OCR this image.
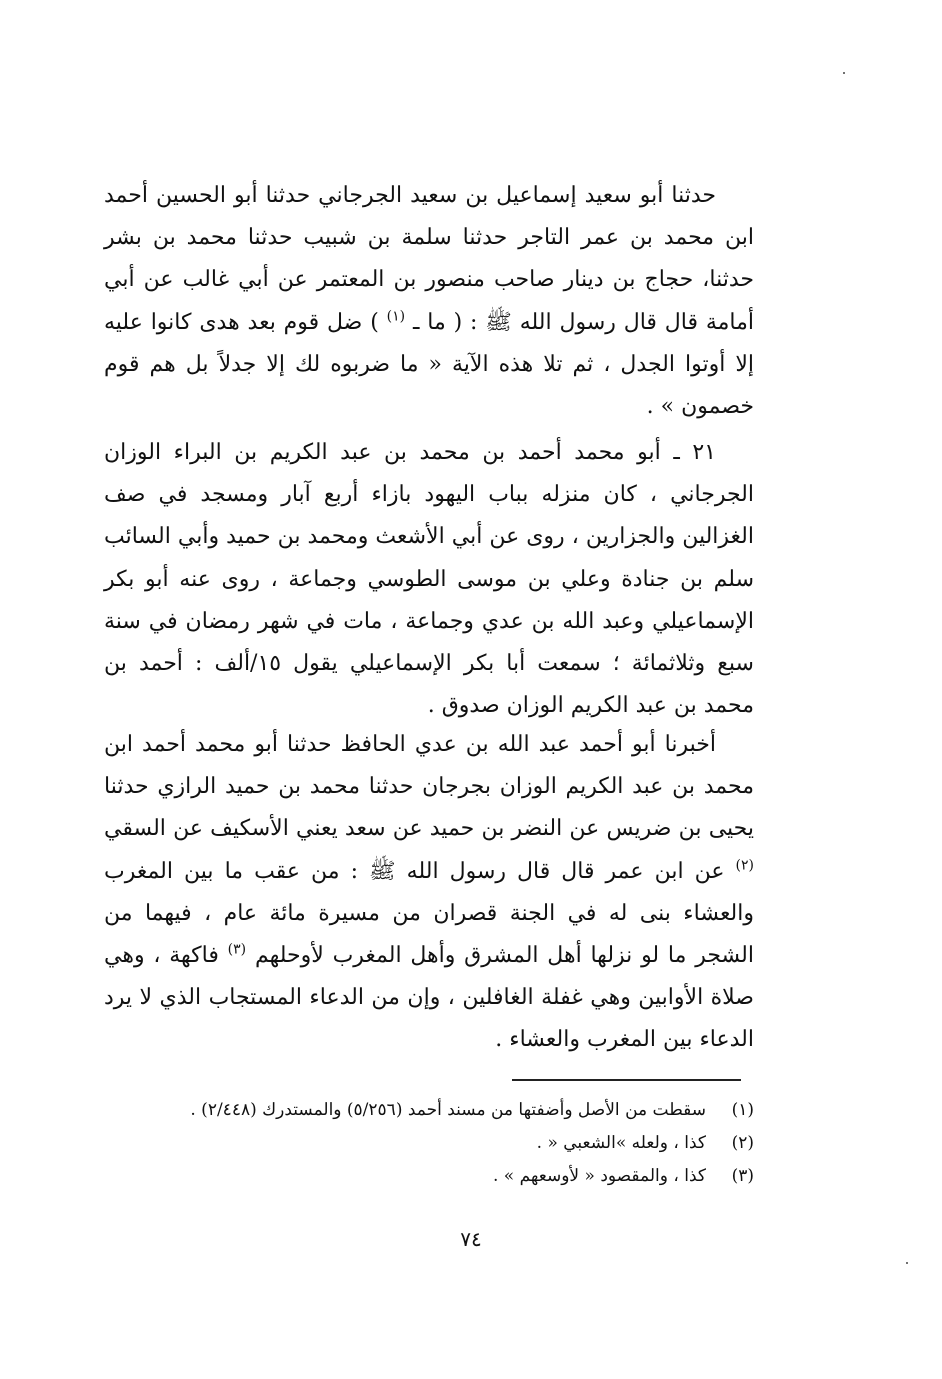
حدثنا أبو سعيد إسماعيل بن سعيد الجرجاني حدثنا أبو الحسين أحمد ابن محمد بن عمر التاجر حدثنا سلمة بن شبيب حدثنا محمد بن بشر حدثنا، حجاج بن دينار صاحب منصور بن المعتمر عن أبي غالب عن أبي أمامة قال قال رسول الله ﷺ : ( ما ـ $^{(١)}$ ) ضل قوم بعد هدى كانوا عليه إلا أوتوا الجدل ، ثم تلا هذه الآية « ما ضربوه لك إلا جدلاً بل هم قوم خصمون » .

٢١ ـ أبو محمد أحمد بن محمد بن عبد الكريم بن البراء الوزان الجرجاني ، كان منزله بباب اليهود بازاء أربع آبار ومسجد في صف الغزالين والجزارين ، روى عن أبي الأشعث ومحمد بن حميد وأبي السائب سلم بن جنادة وعلي بن موسى الطوسي وجماعة ، روى عنه أبو بكر الإسماعيلي وعبد الله بن عدي وجماعة ، مات في شهر رمضان في سنة سبع وثلاثمائة ؛ سمعت أبا بكر الإسماعيلي يقول ١٥/ألف : أحمد بن محمد بن عبد الكريم الوزان صدوق .

أخبرنا أبو أحمد عبد الله بن عدي الحافظ حدثنا أبو محمد أحمد ابن محمد بن عبد الكريم الوزان بجرجان حدثنا محمد بن حميد الرازي حدثنا يحيى بن ضريس عن النضر بن حميد عن سعد يعني الأسكيف عن السقي $^{(٢)}$ عن ابن عمر قال قال رسول الله ﷺ : من عقب ما بين المغرب والعشاء بنى له في الجنة قصران من مسيرة مائة عام ، فيهما من الشجر ما لو نزلها أهل المشرق وأهل المغرب لأوحلهم $^{(٣)}$ فاكهة ، وهي صلاة الأوابين وهي غفلة الغافلين ، وإن من الدعاء المستجاب الذي لا يرد الدعاء بين المغرب والعشاء .

(١)
سقطت من الأصل وأضفتها من مسند أحمد (٥/٢٥٦) والمستدرك (٢/٤٤٨) .
(٢)
كذا ، ولعله »الشعبي « .
(٣)
كذا ، والمقصود « لأوسعهم » .
٧٤
